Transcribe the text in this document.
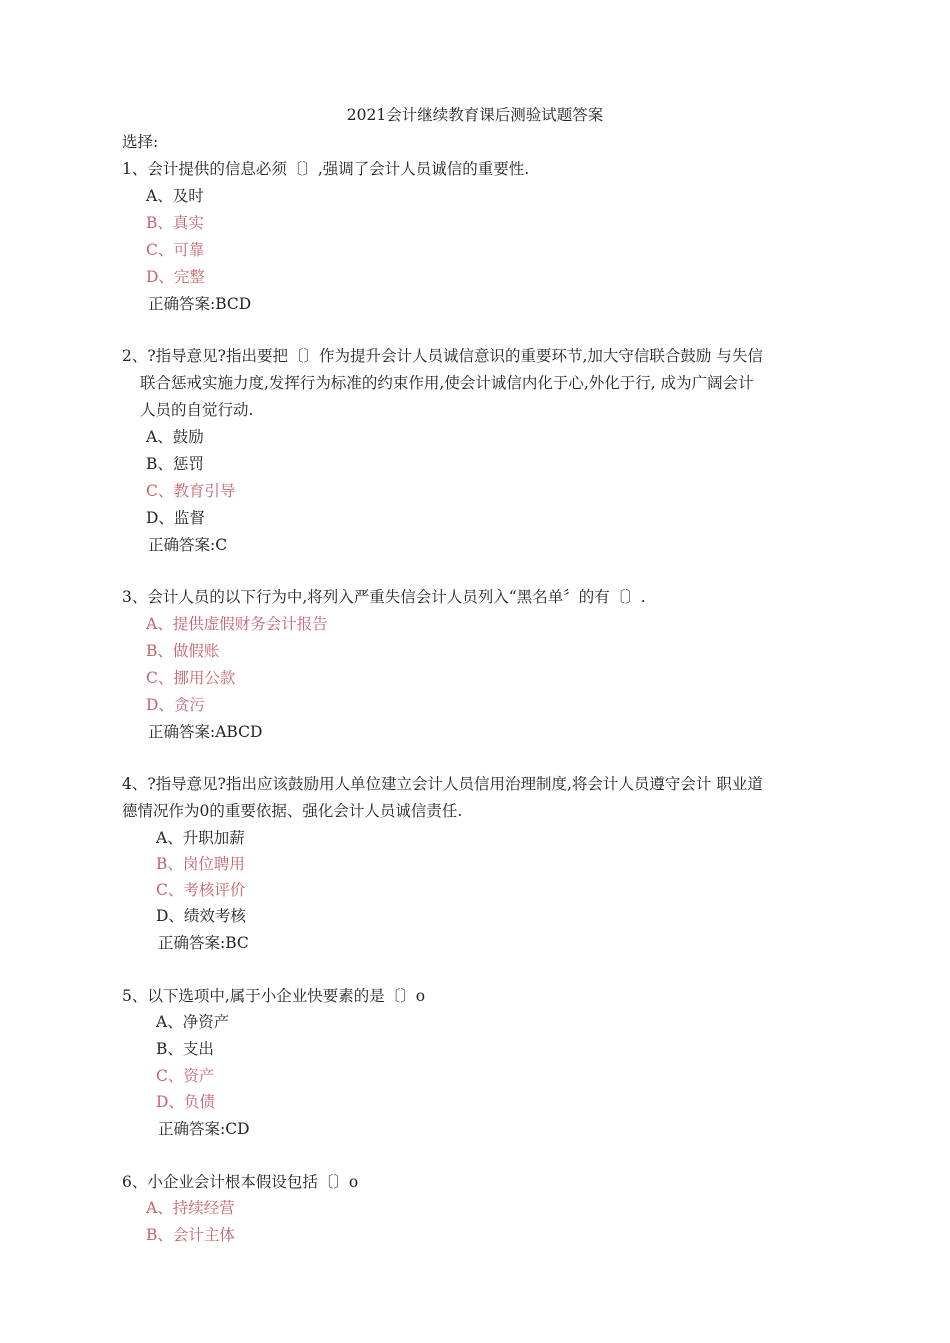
2021会计继续教育课后测验试题答案
选择:
1、会计提供的信息必须〔〕,强调了会计人员诚信的重要性.
A、及时
B、真实
C、可靠
D、完整
正确答案:BCD
2、?指导意见?指出要把〔〕作为提升会计人员诚信意识的重要环节,加大守信联合鼓励 与失信
联合惩戒实施力度,发挥行为标准的约束作用,使会计诚信内化于心,外化于行, 成为广阔会计
人员的自觉行动.
A、鼓励
B、惩罚
C、教育引导
D、监督
正确答案:C
3、会计人员的以下行为中,将列入严重失信会计人员列入“黑名单〞的有〔〕.
A、提供虚假财务会计报告
B、做假账
C、挪用公款
D、贪污
正确答案:ABCD
4、?指导意见?指出应该鼓励用人单位建立会计人员信用治理制度,将会计人员遵守会计 职业道
德情况作为0的重要依据、强化会计人员诚信责任.
A、升职加薪
B、岗位聘用
C、考核评价
D、绩效考核
正确答案:BC
5、以下选项中,属于小企业快要素的是〔〕o
A、净资产
B、支出
C、资产
D、负债
正确答案:CD
6、小企业会计根本假设包括〔〕o
A、持续经营
B、会计主体
